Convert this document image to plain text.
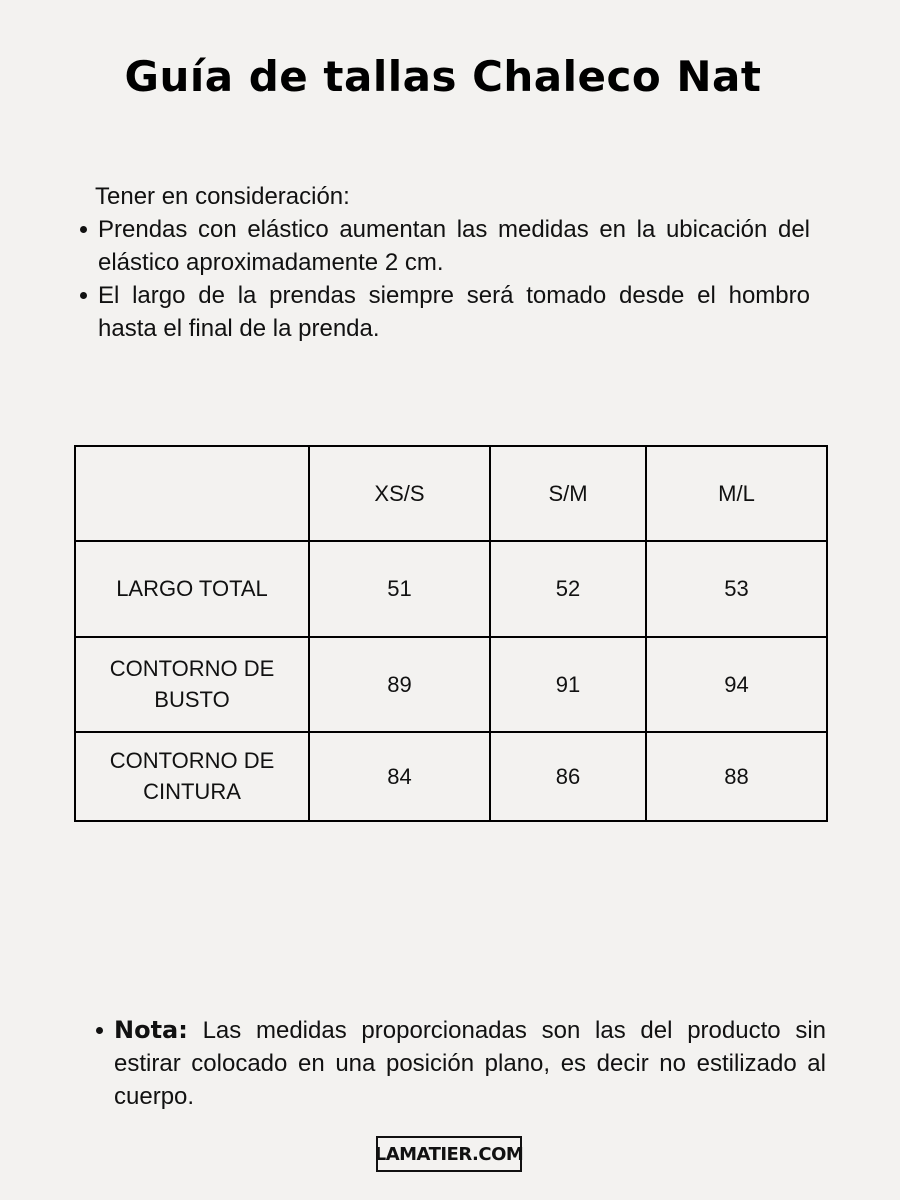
Guía de tallas Chaleco Nat
Tener en consideración:
Prendas con elástico aumentan las medidas en la ubicación del elástico aproximadamente 2 cm.
El largo de la prendas siempre será tomado desde el hombro hasta el final de la prenda.
	XS/S	S/M	M/L
LARGO TOTAL	51	52	53
CONTORNO DE BUSTO	89	91	94
CONTORNO DE CINTURA	84	86	88
Nota: Las medidas proporcionadas son las del producto sin estirar colocado en una posición plano, es decir no estilizado al cuerpo.
LAMATIER.COM
